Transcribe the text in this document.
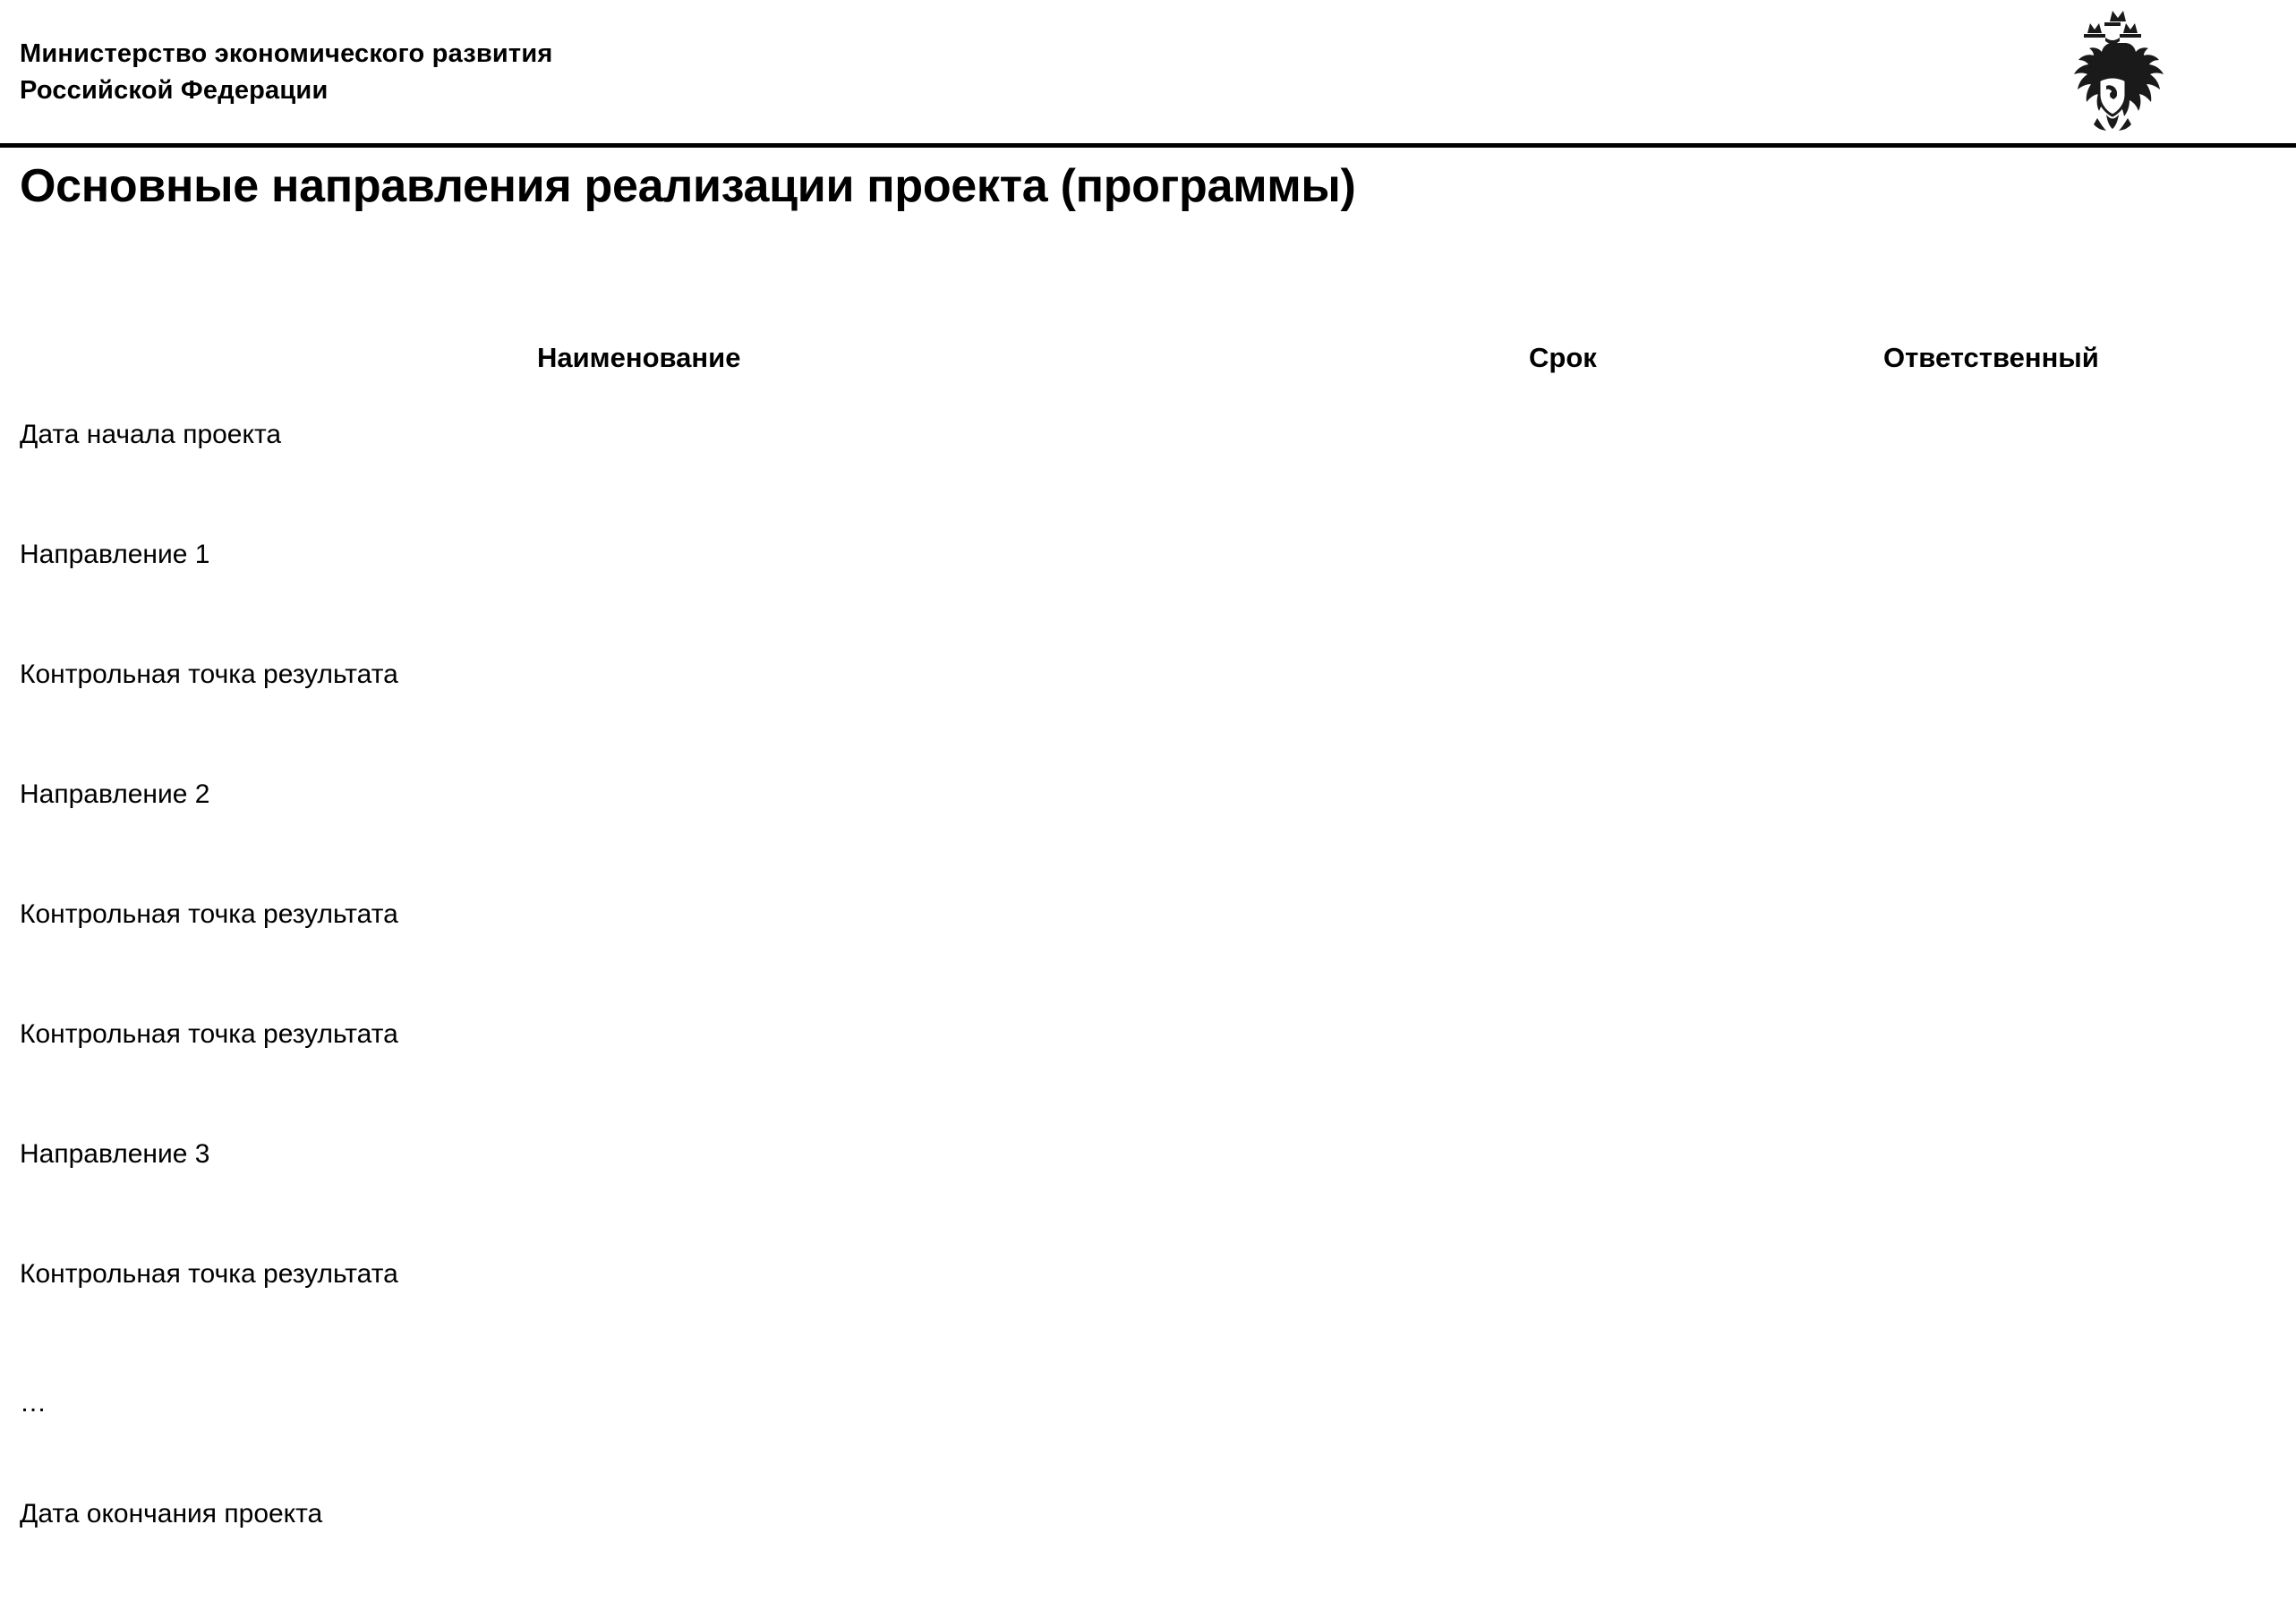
Министерство экономического развития
Российской Федерации
Основные направления реализации проекта (программы)
Наименование	Срок	Ответственный
Дата начала проекта
Направление 1
Контрольная точка результата
Направление 2
Контрольная точка результата
Контрольная точка результата
Направление 3
Контрольная точка результата
…
Дата окончания проекта
